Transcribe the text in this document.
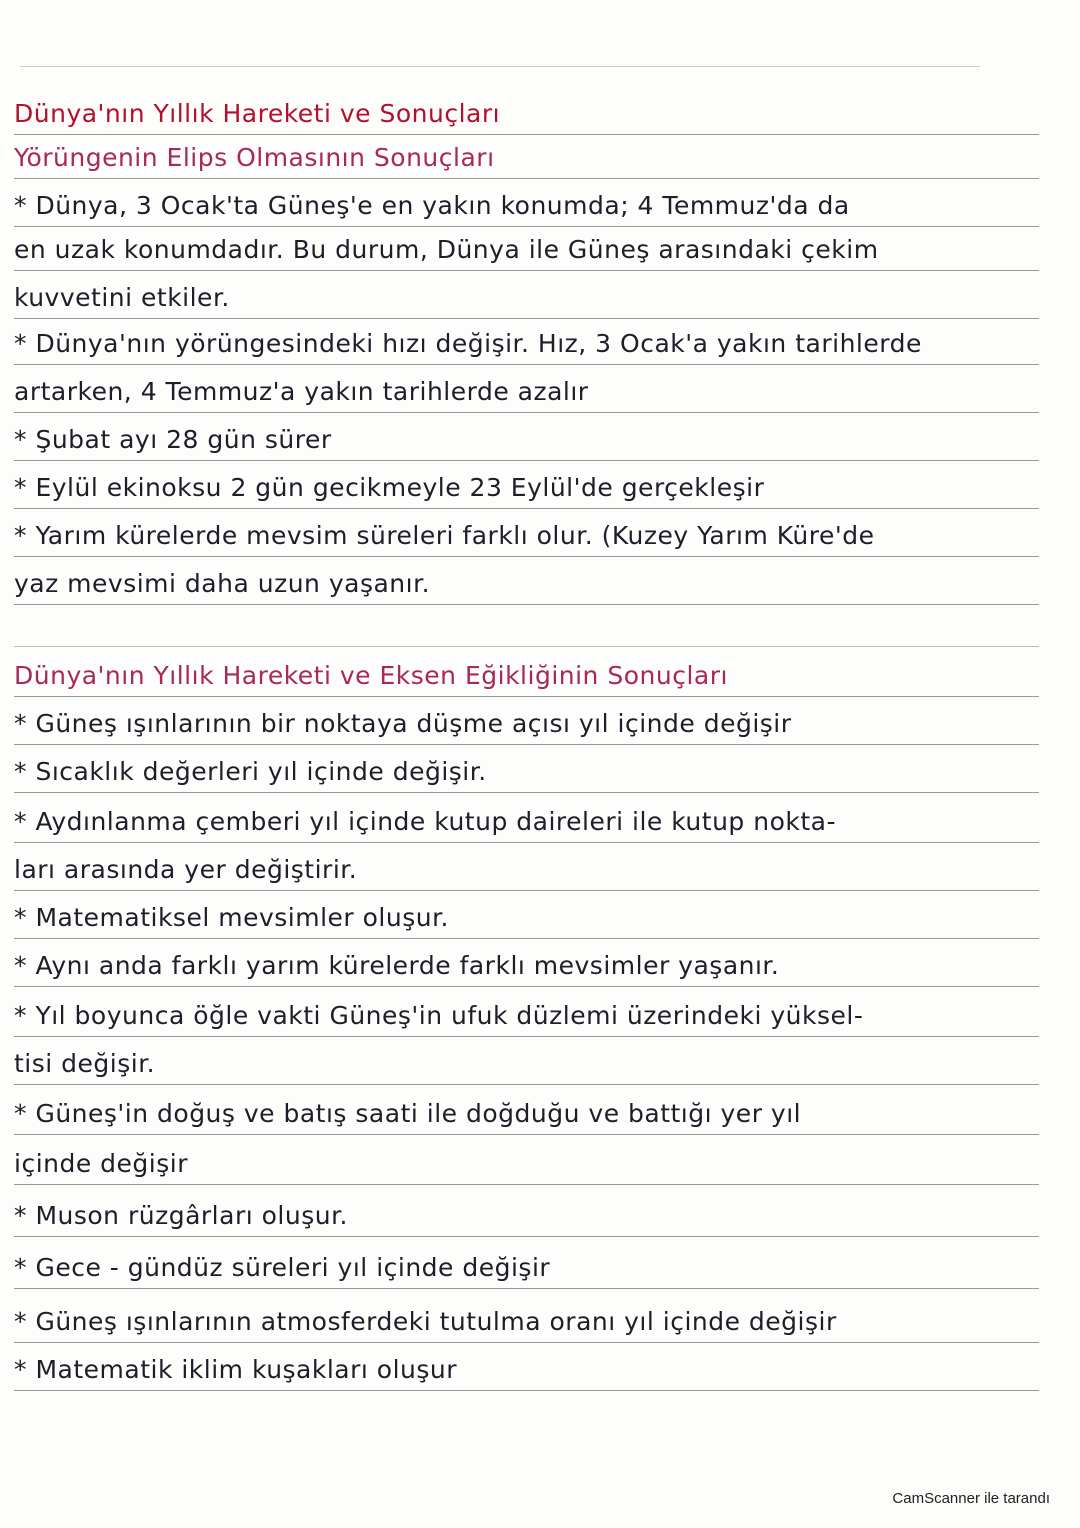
Dünya'nın Yıllık Hareketi ve Sonuçları
Yörüngenin Elips Olmasının Sonuçları
* Dünya, 3 Ocak'ta Güneş'e en yakın konumda; 4 Temmuz'da da
en uzak konumdadır. Bu durum, Dünya ile Güneş arasındaki çekim
kuvvetini etkiler.
* Dünya'nın yörüngesindeki hızı değişir. Hız, 3 Ocak'a yakın tarihlerde
artarken, 4 Temmuz'a yakın tarihlerde azalır
* Şubat ayı 28 gün sürer
* Eylül ekinoksu 2 gün gecikmeyle 23 Eylül'de gerçekleşir
* Yarım kürelerde mevsim süreleri farklı olur. (Kuzey Yarım Küre'de
yaz mevsimi daha uzun yaşanır.
Dünya'nın Yıllık Hareketi ve Eksen Eğikliğinin Sonuçları
* Güneş ışınlarının bir noktaya düşme açısı yıl içinde değişir
* Sıcaklık değerleri yıl içinde değişir.
* Aydınlanma çemberi yıl içinde kutup daireleri ile kutup nokta-
ları arasında yer değiştirir.
* Matematiksel mevsimler oluşur.
* Aynı anda farklı yarım kürelerde farklı mevsimler yaşanır.
* Yıl boyunca öğle vakti Güneş'in ufuk düzlemi üzerindeki yüksel-
tisi değişir.
* Güneş'in doğuş ve batış saati ile doğduğu ve battığı yer yıl
içinde değişir
* Muson rüzgârları oluşur.
* Gece - gündüz süreleri yıl içinde değişir
* Güneş ışınlarının atmosferdeki tutulma oranı yıl içinde değişir
* Matematik iklim kuşakları oluşur
CamScanner ile tarandı
